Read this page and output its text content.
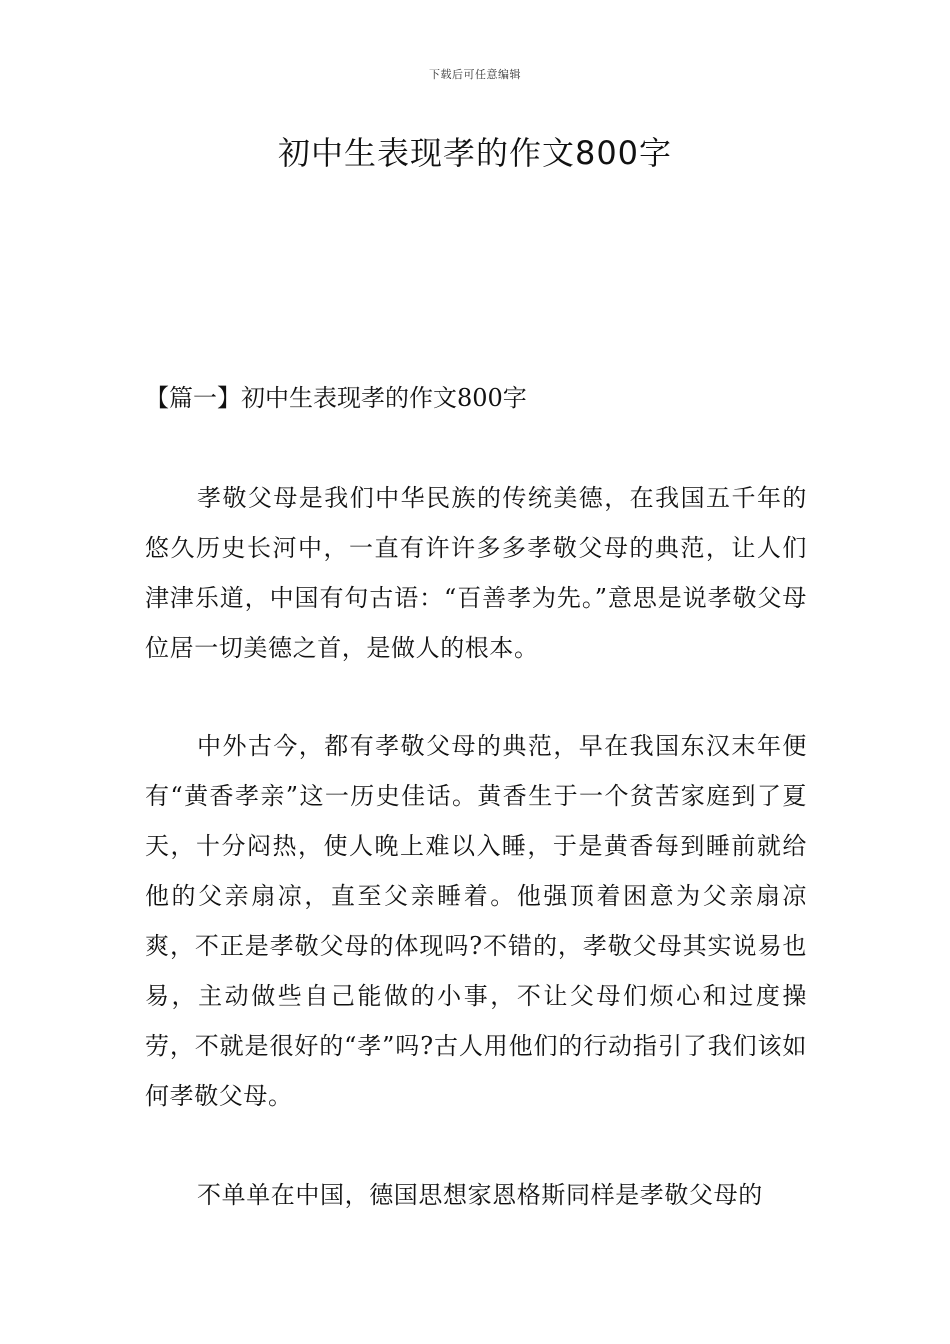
下载后可任意编辑
初中生表现孝的作文800字
【篇一】初中生表现孝的作文800字

孝敬父母是我们中华民族的传统美德，在我国五千年的悠久历史长河中，一直有许许多多孝敬父母的典范，让人们津津乐道，中国有句古语：“百善孝为先。”意思是说孝敬父母位居一切美德之首，是做人的根本。

中外古今，都有孝敬父母的典范，早在我国东汉末年便有“黄香孝亲”这一历史佳话。黄香生于一个贫苦家庭到了夏天，十分闷热，使人晚上难以入睡，于是黄香每到睡前就给他的父亲扇凉，直至父亲睡着。他强顶着困意为父亲扇凉爽，不正是孝敬父母的体现吗?不错的，孝敬父母其实说易也易，主动做些自己能做的小事，不让父母们烦心和过度操劳，不就是很好的“孝”吗?古人用他们的行动指引了我们该如何孝敬父母。

不单单在中国，德国思想家恩格斯同样是孝敬父母的
